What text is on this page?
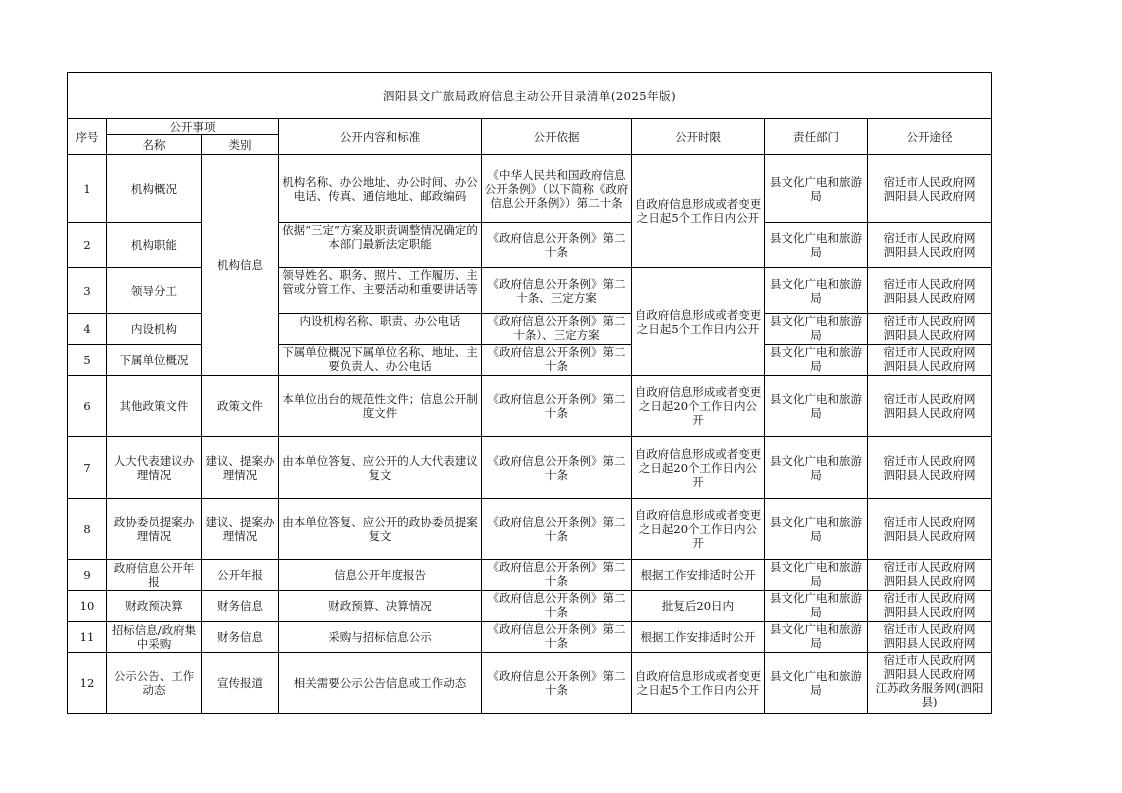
泗阳县文广旅局政府信息主动公开目录清单(2025年版)							
序号	公开事项		公开内容和标准	公开依据	公开时限	责任部门	公开途径
	名称	类别					
1	机构概况	机构信息	机构名称、办公地址、办公时间、办公电话、传真、通信地址、邮政编码	《中华人民共和国政府信息公开条例》（以下简称《政府信息公开条例》）第二十条	自政府信息形成或者变更之日起5个工作日内公开	县文化广电和旅游局	宿迁市人民政府网
泗阳县人民政府网
2	机构职能		依据“三定”方案及职责调整情况确定的本部门最新法定职能	《政府信息公开条例》第二十条		县文化广电和旅游局	宿迁市人民政府网
泗阳县人民政府网
3	领导分工		领导姓名、职务、照片、工作履历、主管或分管工作、主要活动和重要讲话等	《政府信息公开条例》第二十条、三定方案	自政府信息形成或者变更之日起5个工作日内公开	县文化广电和旅游局	宿迁市人民政府网
泗阳县人民政府网
4	内设机构		内设机构名称、职责、办公电话	《政府信息公开条例》第二十条）、三定方案		县文化广电和旅游局	宿迁市人民政府网
泗阳县人民政府网

5	下属单位概况		下属单位概况下属单位名称、地址、主要负责人、办公电话	《政府信息公开条例》第二十条		县文化广电和旅游局	宿迁市人民政府网
泗阳县人民政府网

6	其他政策文件	政策文件	本单位出台的规范性文件；信息公开制度文件	《政府信息公开条例》第二十条	自政府信息形成或者变更之日起20个工作日内公开	县文化广电和旅游局	宿迁市人民政府网
泗阳县人民政府网
7	人大代表建议办理情况	建议、提案办理情况	由本单位答复、应公开的人大代表建议复文	《政府信息公开条例》第二十条	自政府信息形成或者变更之日起20个工作日内公开	县文化广电和旅游局	宿迁市人民政府网
泗阳县人民政府网
8	政协委员提案办理情况	建议、提案办理情况	由本单位答复、应公开的政协委员提案复文	《政府信息公开条例》第二十条	自政府信息形成或者变更之日起20个工作日内公开	县文化广电和旅游局	宿迁市人民政府网
泗阳县人民政府网
9	政府信息公开年报	公开年报	信息公开年度报告	《政府信息公开条例》第二十条	根据工作安排适时公开	县文化广电和旅游局	宿迁市人民政府网
泗阳县人民政府网

10	财政预决算	财务信息	财政预算、决算情况	《政府信息公开条例》第二十条	批复后20日内	县文化广电和旅游局	宿迁市人民政府网
泗阳县人民政府网

11	招标信息/政府集中采购	财务信息	采购与招标信息公示	《政府信息公开条例》第二十条	根据工作安排适时公开	县文化广电和旅游局	宿迁市人民政府网
泗阳县人民政府网

12	公示公告、工作动态	宣传报道	相关需要公示公告信息或工作动态	《政府信息公开条例》第二十条	自政府信息形成或者变更之日起5个工作日内公开	县文化广电和旅游局	宿迁市人民政府网
泗阳县人民政府网
江苏政务服务网(泗阳县)
